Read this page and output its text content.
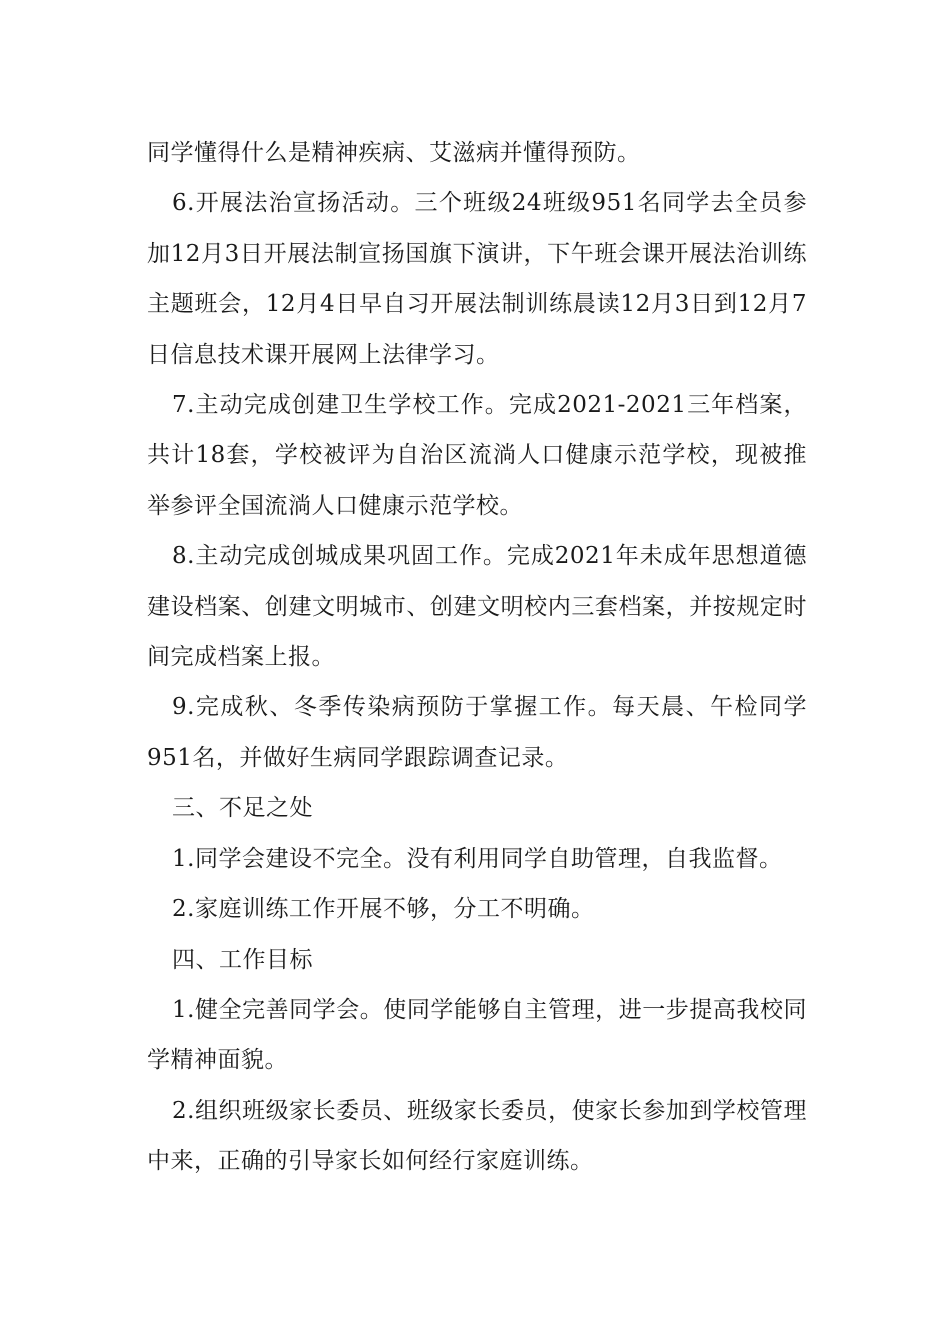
同学懂得什么是精神疾病、艾滋病并懂得预防。

6.开展法治宣扬活动。三个班级24班级951名同学去全员参加12月3日开展法制宣扬国旗下演讲，下午班会课开展法治训练主题班会，12月4日早自习开展法制训练晨读12月3日到12月7日信息技术课开展网上法律学习。

7.主动完成创建卫生学校工作。完成2021-2021三年档案，共计18套，学校被评为自治区流淌人口健康示范学校，现被推举参评全国流淌人口健康示范学校。

8.主动完成创城成果巩固工作。完成2021年未成年思想道德建设档案、创建文明城市、创建文明校内三套档案，并按规定时间完成档案上报。

9.完成秋、冬季传染病预防于掌握工作。每天晨、午检同学951名，并做好生病同学跟踪调查记录。

三、不足之处

1.同学会建设不完全。没有利用同学自助管理，自我监督。

2.家庭训练工作开展不够，分工不明确。

四、工作目标

1.健全完善同学会。使同学能够自主管理，进一步提高我校同学精神面貌。

2.组织班级家长委员、班级家长委员，使家长参加到学校管理中来，正确的引导家长如何经行家庭训练。
